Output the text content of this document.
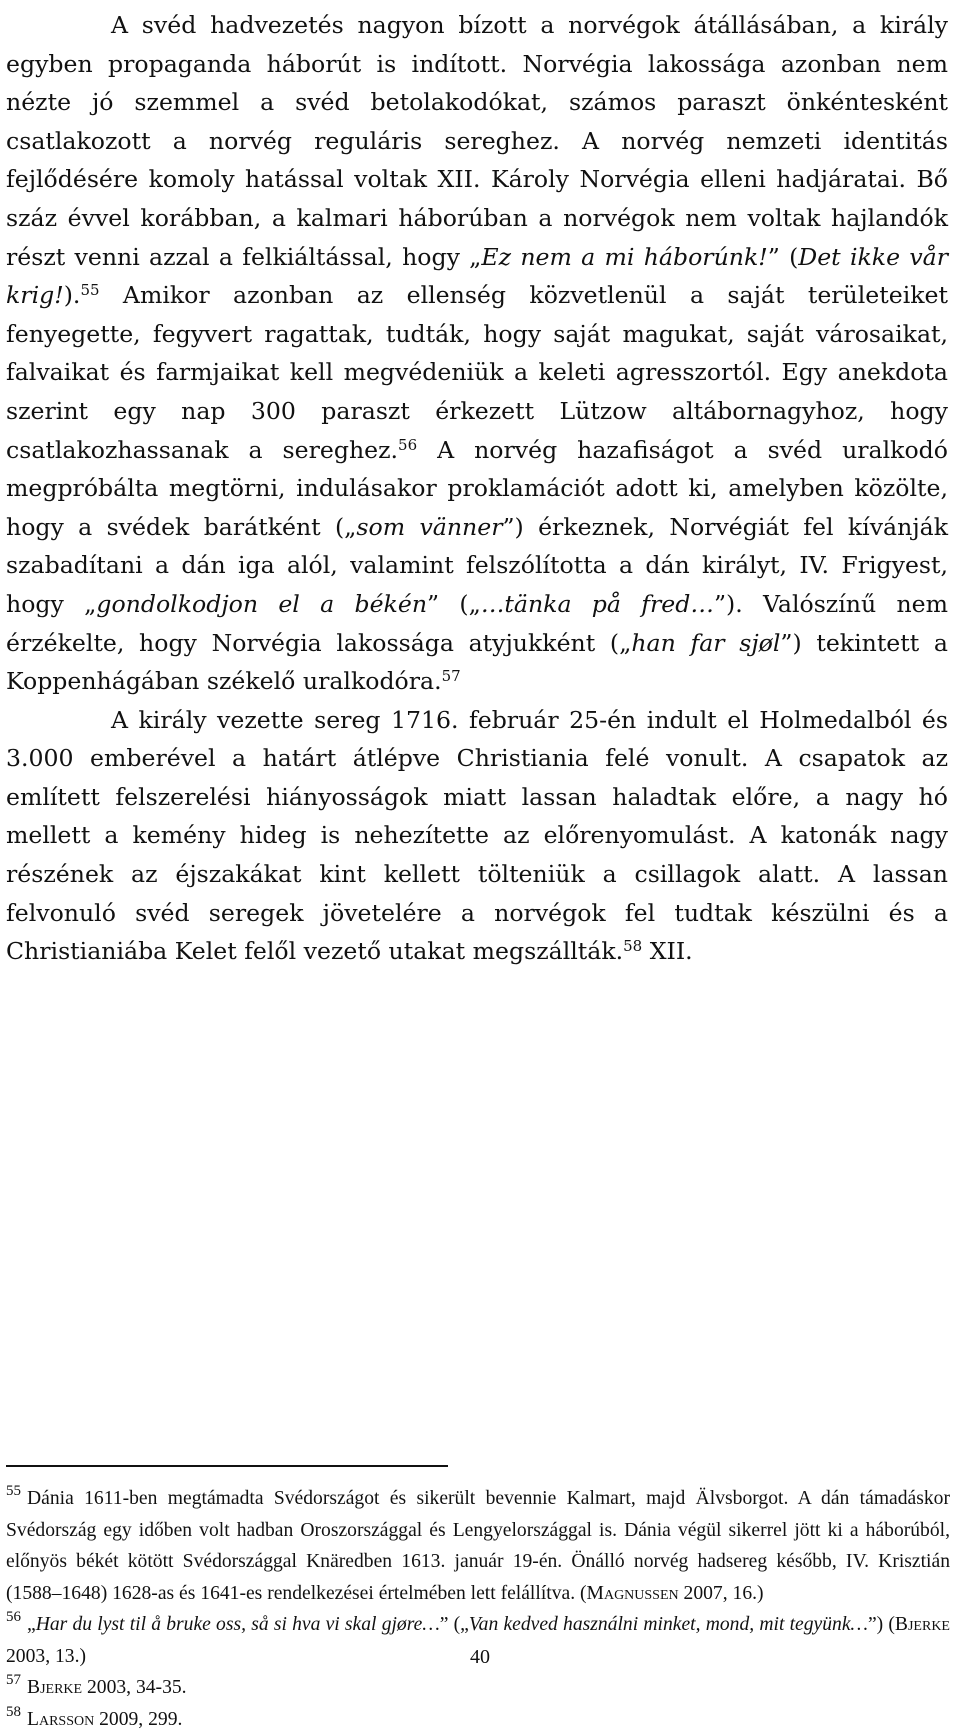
A svéd hadvezetés nagyon bízott a norvégok átállásában, a király egyben propaganda háborút is indított. Norvégia lakossága azonban nem nézte jó szemmel a svéd betolakodókat, számos paraszt önkéntesként csatlakozott a norvég reguláris sereghez. A norvég nemzeti identitás fejlődésére komoly hatással voltak XII. Károly Norvégia elleni hadjáratai. Bő száz évvel korábban, a kalmari háborúban a norvégok nem voltak hajlandók részt venni azzal a felkiáltással, hogy „Ez nem a mi háborúnk!” (Det ikke vår krig!).$^{55}$ Amikor azonban az ellenség közvetlenül a saját területeiket fenyegette, fegyvert ragattak, tudták, hogy saját magukat, saját városaikat, falvaikat és farmjaikat kell megvédeniük a keleti agresszortól. Egy anekdota szerint egy nap 300 paraszt érkezett Lützow altábornagyhoz, hogy csatlakozhassanak a sereghez.$^{56}$ A norvég hazafiságot a svéd uralkodó megpróbálta megtörni, indulásakor proklamációt adott ki, amelyben közölte, hogy a svédek barátként („som vänner”) érkeznek, Norvégiát fel kívánják szabadítani a dán iga alól, valamint felszólította a dán királyt, IV. Frigyest, hogy „gondolkodjon el a békén” („…tänka på fred…”). Valószínű nem érzékelte, hogy Norvégia lakossága atyjukként („han far sjøl”) tekintett a Koppenhágában székelő uralkodóra.$^{57}$

A király vezette sereg 1716. február 25-én indult el Holmedalból és 3.000 emberével a határt átlépve Christiania felé vonult. A csapatok az említett felszerelési hiányosságok miatt lassan haladtak előre, a nagy hó mellett a kemény hideg is nehezítette az előrenyomulást. A katonák nagy részének az éjszakákat kint kellett tölteniük a csillagok alatt. A lassan felvonuló svéd seregek jövetelére a norvégok fel tudtak készülni és a Christianiába Kelet felől vezető utakat megszállták.$^{58}$ XII.

$^{55}$ Dánia 1611-ben megtámadta Svédországot és sikerült bevennie Kalmart, majd Älvsborgot. A dán támadáskor Svédország egy időben volt hadban Oroszországgal és Lengyelországgal is. Dánia végül sikerrel jött ki a háborúból, előnyös békét kötött Svédországgal Knäredben 1613. január 19-én. Önálló norvég hadsereg később, IV. Krisztián (1588–1648) 1628-as és 1641-es rendelkezései értelmében lett felállítva. (Magnussen 2007, 16.)

$^{56}$ „Har du lyst til å bruke oss, så si hva vi skal gjøre…” („Van kedved használni minket, mond, mit tegyünk…”) (Bjerke 2003, 13.)

$^{57}$ Bjerke 2003, 34-35.

$^{58}$ Larsson 2009, 299.

40
